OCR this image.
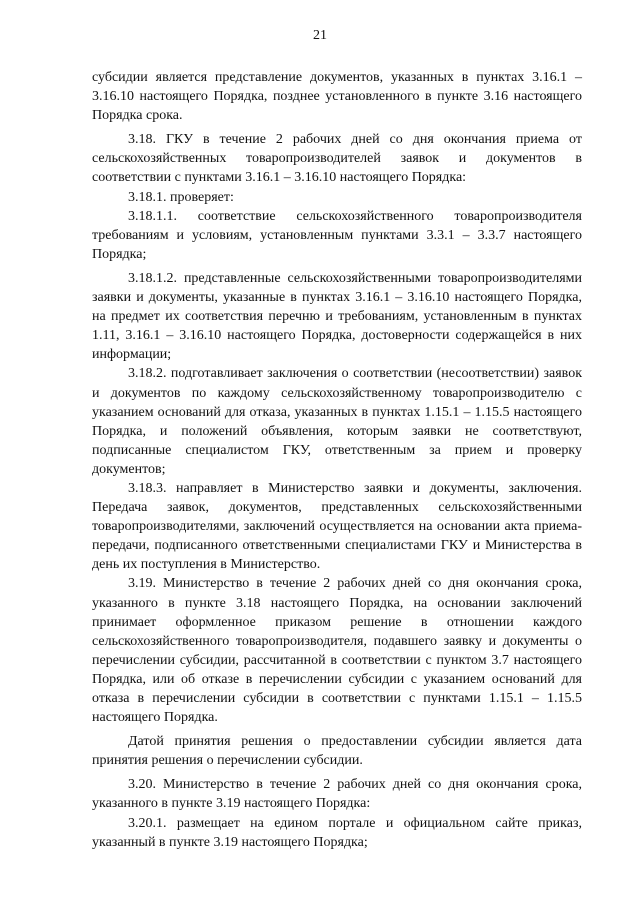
21

субсидии является представление документов, указанных в пунктах 3.16.1 – 3.16.10 настоящего Порядка, позднее установленного в пункте 3.16 настоящего Порядка срока.

3.18. ГКУ в течение 2 рабочих дней со дня окончания приема от сельскохозяйственных товаропроизводителей заявок и документов в соответствии с пунктами 3.16.1 – 3.16.10 настоящего Порядка:

3.18.1. проверяет:

3.18.1.1. соответствие сельскохозяйственного товаропроизводителя требованиям и условиям, установленным пунктами 3.3.1 – 3.3.7 настоящего Порядка;

3.18.1.2. представленные сельскохозяйственными товаропроизводителями заявки и документы, указанные в пунктах 3.16.1 – 3.16.10 настоящего Порядка, на предмет их соответствия перечню и требованиям, установленным в пунктах 1.11, 3.16.1 – 3.16.10 настоящего Порядка, достоверности содержащейся в них информации;

3.18.2. подготавливает заключения о соответствии (несоответствии) заявок и документов по каждому сельскохозяйственному товаропроизводителю с указанием оснований для отказа, указанных в пунктах 1.15.1 – 1.15.5 настоящего Порядка, и положений объявления, которым заявки не соответствуют, подписанные специалистом ГКУ, ответственным за прием и проверку документов;

3.18.3. направляет в Министерство заявки и документы, заключения. Передача заявок, документов, представленных сельскохозяйственными товаропроизводителями, заключений осуществляется на основании акта приема-передачи, подписанного ответственными специалистами ГКУ и Министерства в день их поступления в Министерство.

3.19. Министерство в течение 2 рабочих дней со дня окончания срока, указанного в пункте 3.18 настоящего Порядка, на основании заключений принимает оформленное приказом решение в отношении каждого сельскохозяйственного товаропроизводителя, подавшего заявку и документы о перечислении субсидии, рассчитанной в соответствии с пунктом 3.7 настоящего Порядка, или об отказе в перечислении субсидии с указанием оснований для отказа в перечислении субсидии в соответствии с пунктами 1.15.1 – 1.15.5 настоящего Порядка.

Датой принятия решения о предоставлении субсидии является дата принятия решения о перечислении субсидии.

3.20. Министерство в течение 2 рабочих дней со дня окончания срока, указанного в пункте 3.19 настоящего Порядка:

3.20.1. размещает на едином портале и официальном сайте приказ, указанный в пункте 3.19 настоящего Порядка;
